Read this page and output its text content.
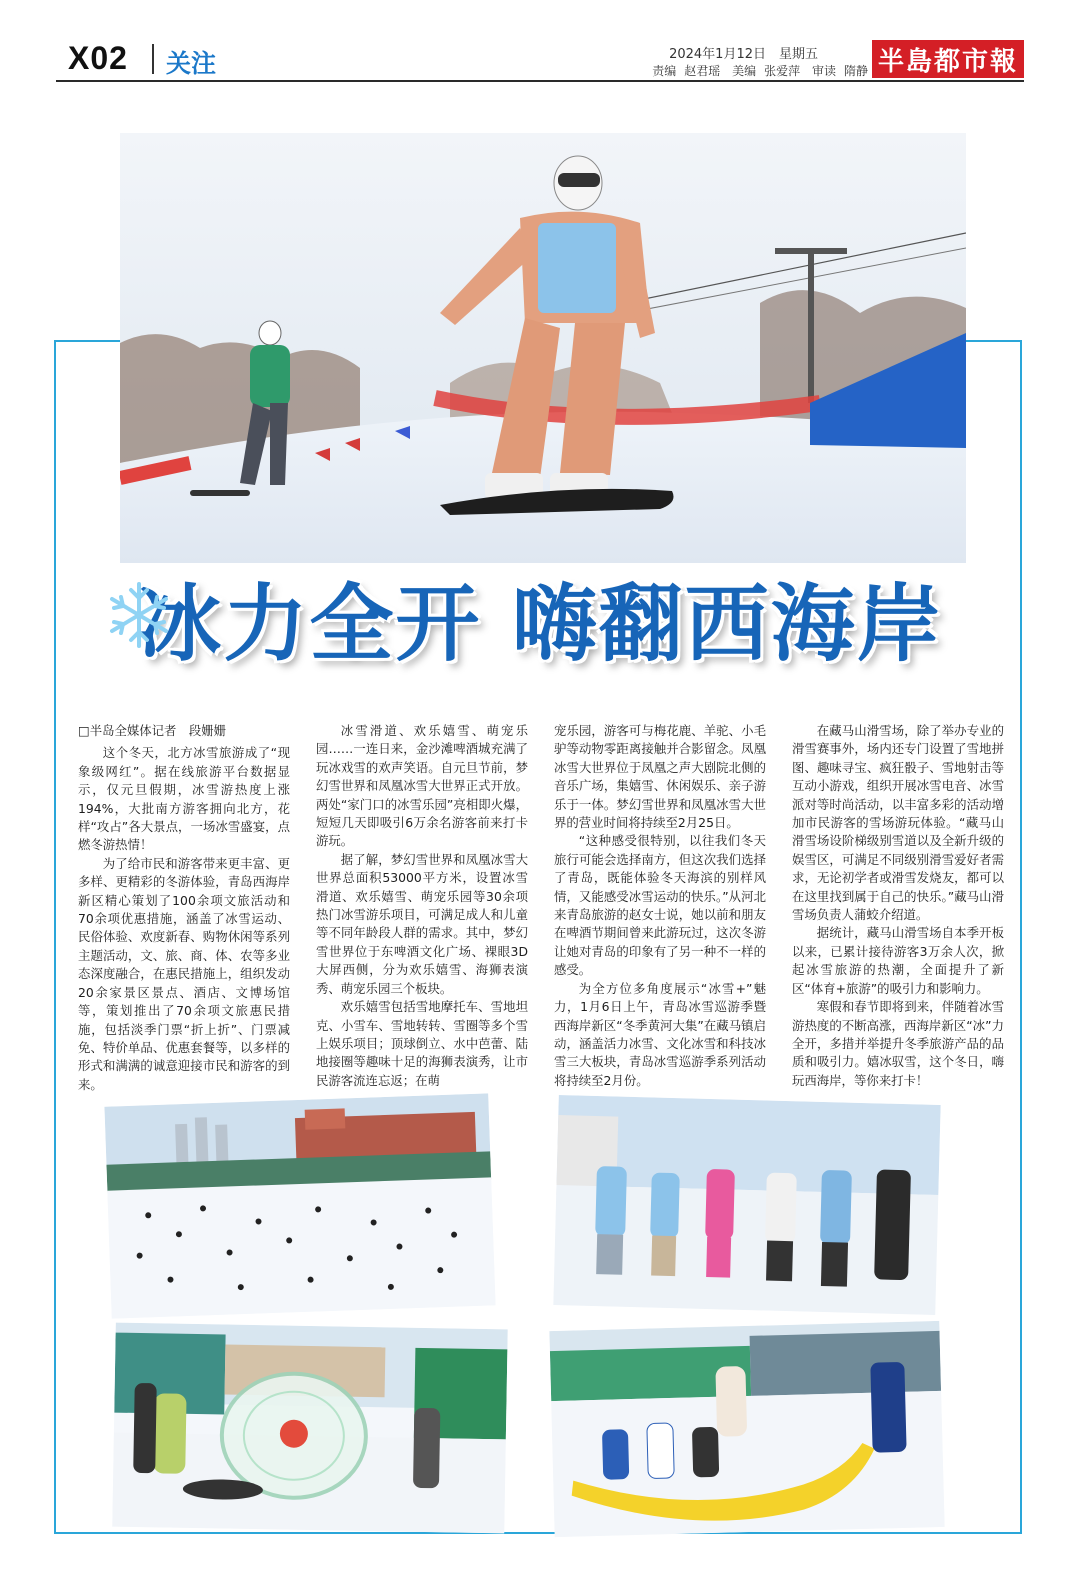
X02 关注	2024年1月12日　星期五
责编 赵君瑶 美编 张爱萍 审读 隋静 半島都市報
冰力全开 嗨翻西海岸
□半岛全媒体记者　段姗姗

这个冬天，北方冰雪旅游成了“现象级网红”。据在线旅游平台数据显示，仅元旦假期，冰雪游热度上涨194%，大批南方游客拥向北方，花样“攻占”各大景点，一场冰雪盛宴，点燃冬游热情！

为了给市民和游客带来更丰富、更多样、更精彩的冬游体验，青岛西海岸新区精心策划了100余项文旅活动和70余项优惠措施，涵盖了冰雪运动、民俗体验、欢度新春、购物休闲等系列主题活动，文、旅、商、体、农等多业态深度融合，在惠民措施上，组织发动20余家景区景点、酒店、文博场馆等，策划推出了70余项文旅惠民措施，包括淡季门票“折上折”、门票减免、特价单品、优惠套餐等，以多样的形式和满满的诚意迎接市民和游客的到来。

冰雪滑道、欢乐嬉雪、萌宠乐园……一连日来，金沙滩啤酒城充满了玩冰戏雪的欢声笑语。自元旦节前，梦幻雪世界和凤凰冰雪大世界正式开放。两处“家门口的冰雪乐园”亮相即火爆，短短几天即吸引6万余名游客前来打卡游玩。

据了解，梦幻雪世界和凤凰冰雪大世界总面积53000平方米，设置冰雪滑道、欢乐嬉雪、萌宠乐园等30余项热门冰雪游乐项目，可满足成人和儿童等不同年龄段人群的需求。其中，梦幻雪世界位于东啤酒文化广场、裸眼3D大屏西侧，分为欢乐嬉雪、海狮表演秀、萌宠乐园三个板块。

欢乐嬉雪包括雪地摩托车、雪地坦克、小雪车、雪地转转、雪圈等多个雪上娱乐项目；顶球倒立、水中芭蕾、陆地接圈等趣味十足的海狮表演秀，让市民游客流连忘返；在萌

宠乐园，游客可与梅花鹿、羊驼、小毛驴等动物零距离接触并合影留念。凤凰冰雪大世界位于凤凰之声大剧院北侧的音乐广场，集嬉雪、休闲娱乐、亲子游乐于一体。梦幻雪世界和凤凰冰雪大世界的营业时间将持续至2月25日。

“这种感受很特别，以往我们冬天旅行可能会选择南方，但这次我们选择了青岛，既能体验冬天海滨的别样风情，又能感受冰雪运动的快乐。”从河北来青岛旅游的赵女士说，她以前和朋友在啤酒节期间曾来此游玩过，这次冬游让她对青岛的印象有了另一种不一样的感受。

为全方位多角度展示“冰雪+”魅力，1月6日上午，青岛冰雪巡游季暨西海岸新区“冬季黄河大集”在藏马镇启动，涵盖活力冰雪、文化冰雪和科技冰雪三大板块，青岛冰雪巡游季系列活动将持续至2月份。

在藏马山滑雪场，除了举办专业的滑雪赛事外，场内还专门设置了雪地拼图、趣味寻宝、疯狂骰子、雪地射击等互动小游戏，组织开展冰雪电音、冰雪派对等时尚活动，以丰富多彩的活动增加市民游客的雪场游玩体验。“藏马山滑雪场设阶梯级别雪道以及全新升级的娱雪区，可满足不同级别滑雪爱好者需求，无论初学者或滑雪发烧友，都可以在这里找到属于自己的快乐。”藏马山滑雪场负责人蒲蛟介绍道。

据统计，藏马山滑雪场自本季开板以来，已累计接待游客3万余人次，掀起冰雪旅游的热潮，全面提升了新区“体育+旅游”的吸引力和影响力。

寒假和春节即将到来，伴随着冰雪游热度的不断高涨，西海岸新区“冰”力全开，多措并举提升冬季旅游产品的品质和吸引力。嬉冰驭雪，这个冬日，嗨玩西海岸，等你来打卡！
